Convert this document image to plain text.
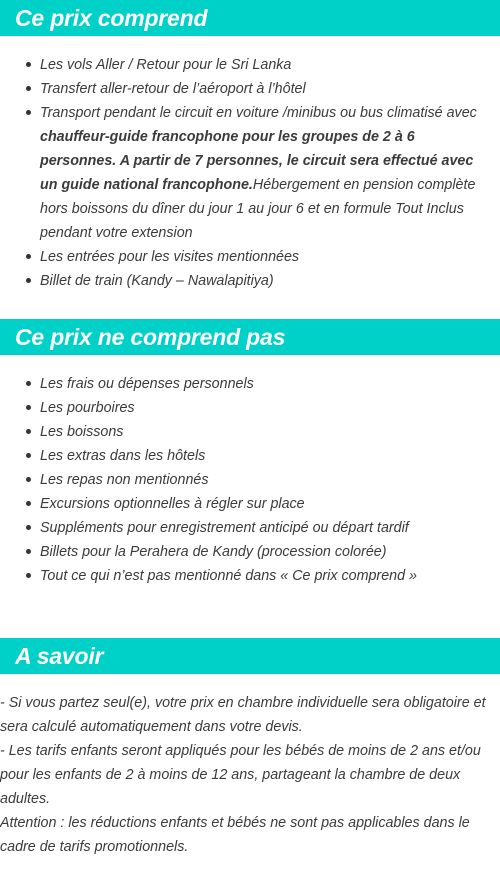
Ce prix comprend
Les vols Aller / Retour pour le Sri Lanka
Transfert aller-retour de l’aéroport à l’hôtel
Transport pendant le circuit en voiture /minibus ou bus climatisé avec chauffeur-guide francophone pour les groupes de 2 à 6 personnes. A partir de 7 personnes, le circuit sera effectué avec un guide national francophone.Hébergement en pension complète hors boissons du dîner du jour 1 au jour 6 et en formule Tout Inclus pendant votre extension
Les entrées pour les visites mentionnées
Billet de train (Kandy – Nawalapitiya)
Ce prix ne comprend pas
Les frais ou dépenses personnels
Les pourboires
Les boissons
Les extras dans les hôtels
Les repas non mentionnés
Excursions optionnelles à régler sur place
Suppléments pour enregistrement anticipé ou départ tardif
Billets pour la Perahera de Kandy (procession colorée)
Tout ce qui n’est pas mentionné dans « Ce prix comprend »
A savoir

- Si vous partez seul(e), votre prix en chambre individuelle sera obligatoire et sera calculé automatiquement dans votre devis.

- Les tarifs enfants seront appliqués pour les bébés de moins de 2 ans et/ou pour les enfants de 2 à moins de 12 ans, partageant la chambre de deux adultes.

Attention : les réductions enfants et bébés ne sont pas applicables dans le cadre de tarifs promotionnels.
